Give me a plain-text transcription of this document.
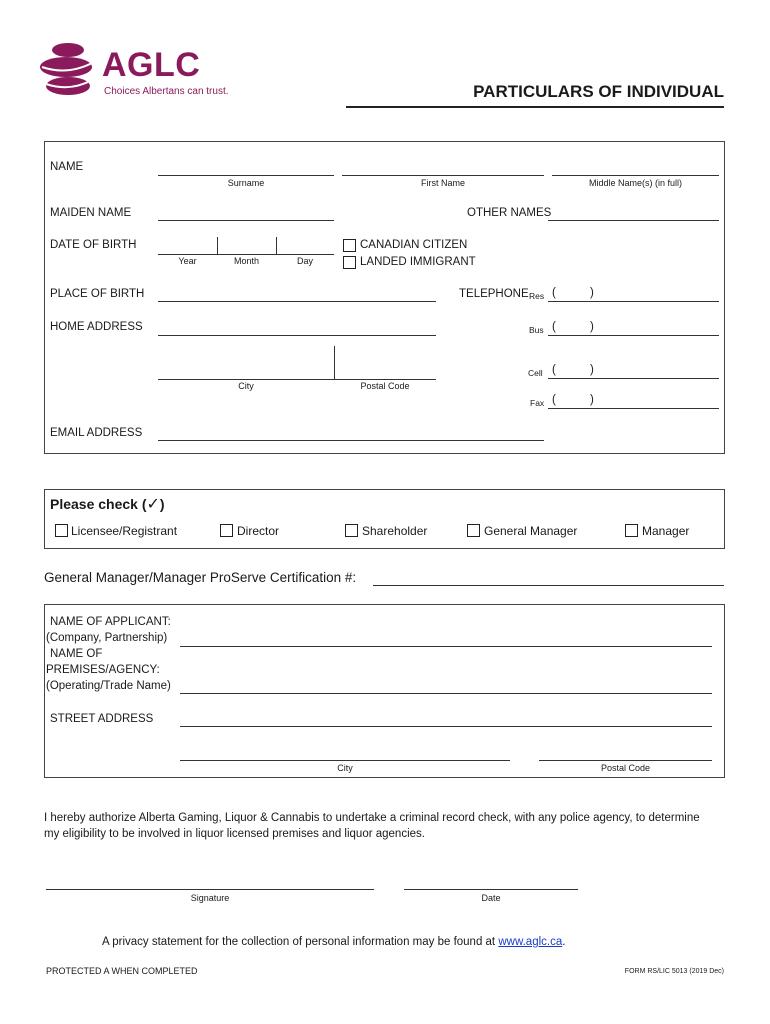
AGLC
Choices Albertans can trust.	PARTICULARS OF INDIVIDUAL
NAME
Surname	First Name	Middle Name(s) (in full)
MAIDEN NAME	OTHER NAMES
DATE OF BIRTH
Year	Month	Day
CANADIAN CITIZEN
LANDED IMMIGRANT
PLACE OF BIRTH	TELEPHONE Res (	)
HOME ADDRESS	Bus (	)
City	Postal Code
Cell (	)
Fax (	)
EMAIL ADDRESS
Please check (✓)
Licensee/Registrant	Director	Shareholder	General Manager	Manager
General Manager/Manager ProServe Certification #:
NAME OF APPLICANT:
(Company, Partnership)
NAME OF
PREMISES/AGENCY:
(Operating/Trade Name)
STREET ADDRESS
City	Postal Code
I hereby authorize Alberta Gaming, Liquor & Cannabis to undertake a criminal record check, with any police agency, to determine
my eligibility to be involved in liquor licensed premises and liquor agencies.
Signature	Date
A privacy statement for the collection of personal information may be found at www.aglc.ca.
PROTECTED A WHEN COMPLETED	FORM RS/LIC 5013 (2019 Dec)
